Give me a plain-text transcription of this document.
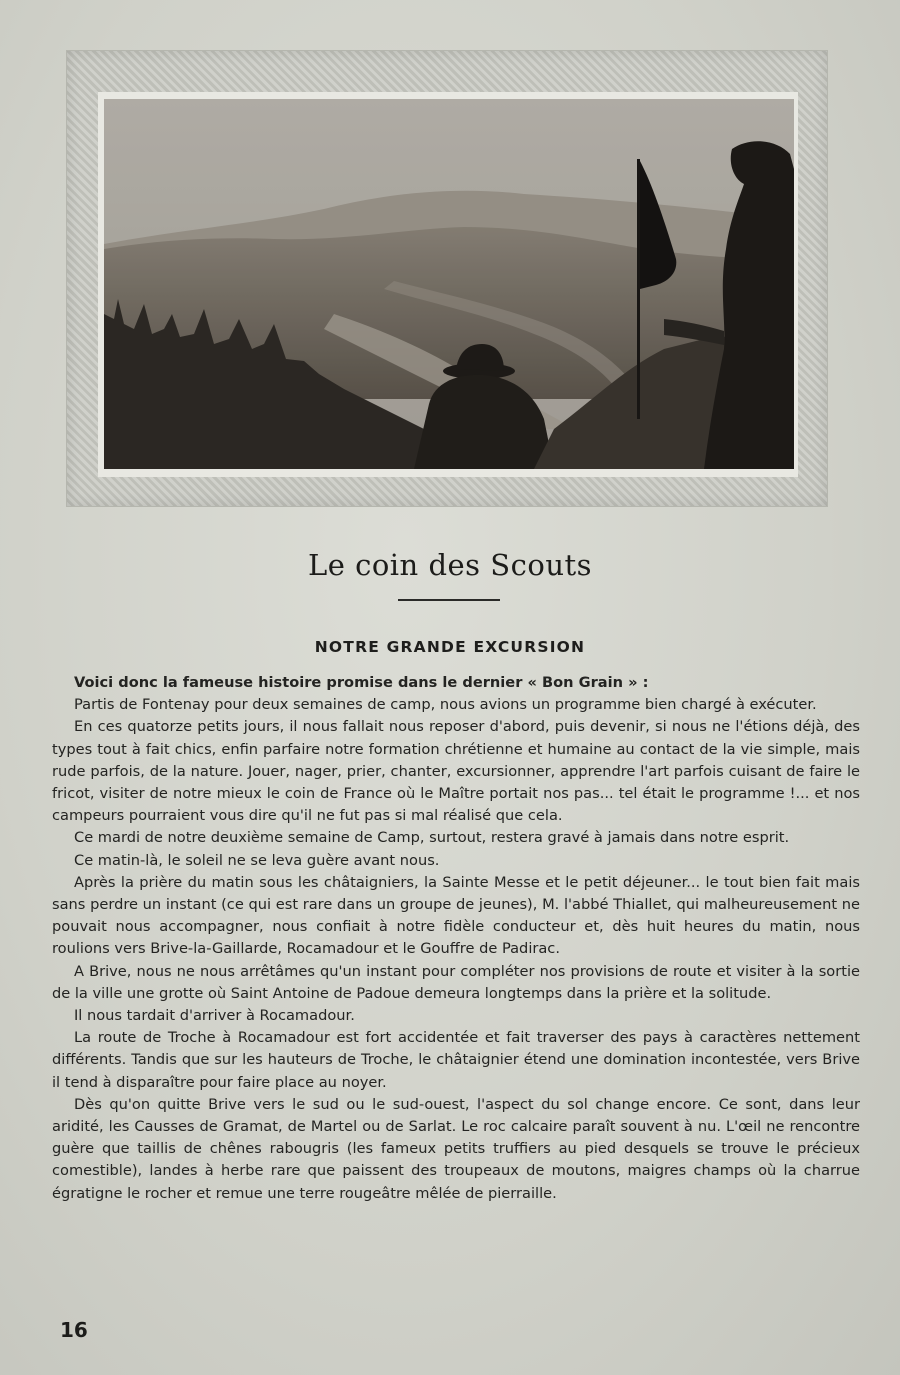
Le coin des Scouts
NOTRE GRANDE EXCURSION

Voici donc la fameuse histoire promise dans le dernier « Bon Grain » :

Partis de Fontenay pour deux semaines de camp, nous avions un programme bien chargé à exécuter.

En ces quatorze petits jours, il nous fallait nous reposer d'abord, puis devenir, si nous ne l'étions déjà, des types tout à fait chics, enfin parfaire notre formation chrétienne et humaine au contact de la vie simple, mais rude parfois, de la nature. Jouer, nager, prier, chanter, excursionner, apprendre l'art parfois cuisant de faire le fricot, visiter de notre mieux le coin de France où le Maître portait nos pas... tel était le programme !... et nos campeurs pourraient vous dire qu'il ne fut pas si mal réalisé que cela.

Ce mardi de notre deuxième semaine de Camp, surtout, restera gravé à jamais dans notre esprit.

Ce matin-là, le soleil ne se leva guère avant nous.

Après la prière du matin sous les châtaigniers, la Sainte Messe et le petit déjeuner... le tout bien fait mais sans perdre un instant (ce qui est rare dans un groupe de jeunes), M. l'abbé Thiallet, qui malheureusement ne pouvait nous accompagner, nous confiait à notre fidèle conducteur et, dès huit heures du matin, nous roulions vers Brive-la-Gaillarde, Rocamadour et le Gouffre de Padirac.

A Brive, nous ne nous arrêtâmes qu'un instant pour compléter nos provisions de route et visiter à la sortie de la ville une grotte où Saint Antoine de Padoue demeura longtemps dans la prière et la solitude.

Il nous tardait d'arriver à Rocamadour.

La route de Troche à Rocamadour est fort accidentée et fait traverser des pays à caractères nettement différents. Tandis que sur les hauteurs de Troche, le châtaignier étend une domination incontestée, vers Brive il tend à disparaître pour faire place au noyer.

Dès qu'on quitte Brive vers le sud ou le sud-ouest, l'aspect du sol change encore. Ce sont, dans leur aridité, les Causses de Gramat, de Martel ou de Sarlat. Le roc calcaire paraît souvent à nu. L'œil ne rencontre guère que taillis de chênes rabougris (les fameux petits truffiers au pied desquels se trouve le précieux comestible), landes à herbe rare que paissent des troupeaux de moutons, maigres champs où la charrue égratigne le rocher et remue une terre rougeâtre mêlée de pierraille.

16
